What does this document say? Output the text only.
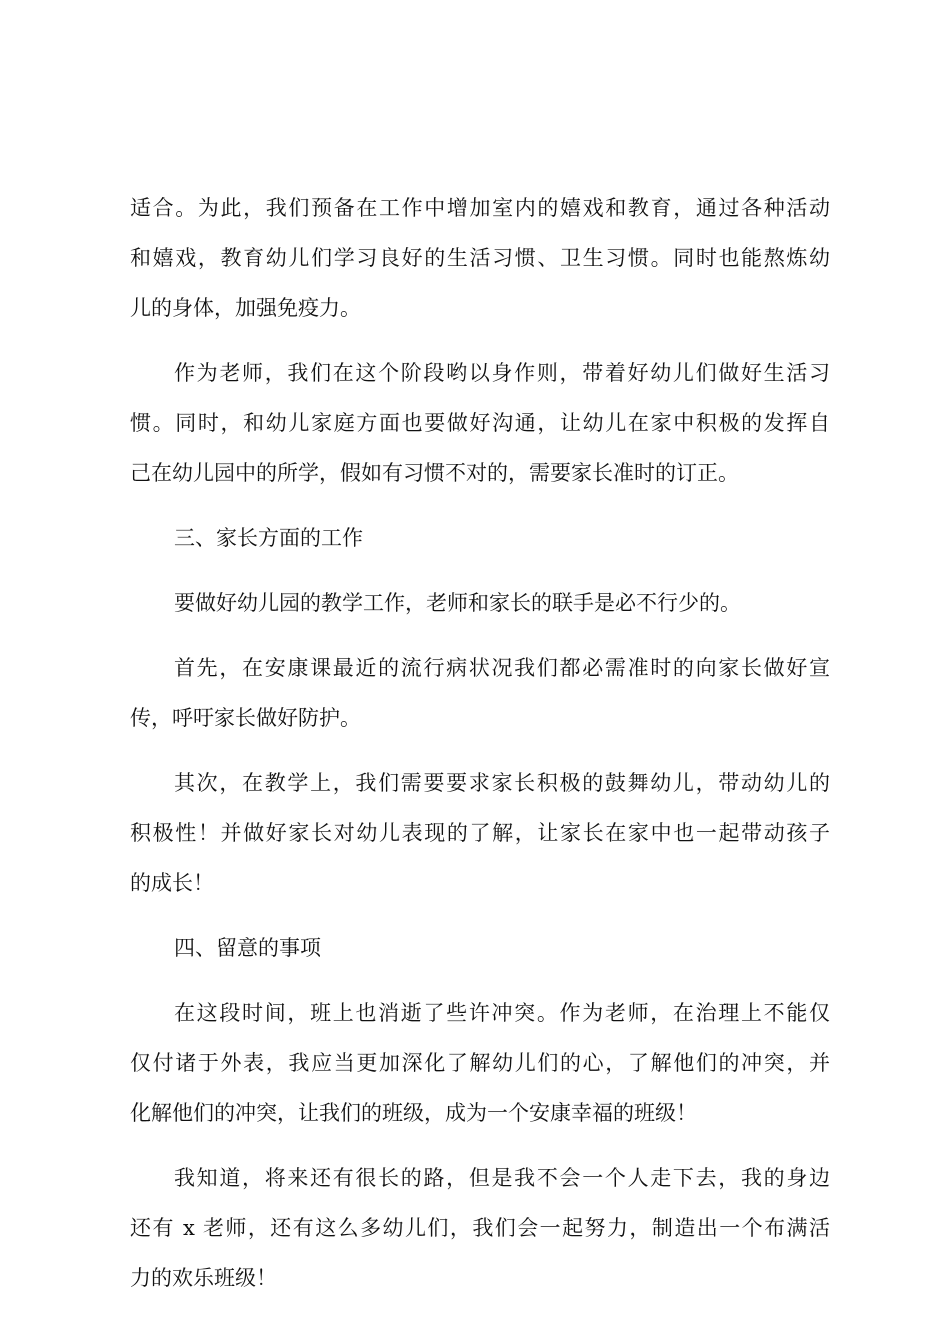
适合。为此，我们预备在工作中增加室内的嬉戏和教育，通过各种活动
和嬉戏，教育幼儿们学习良好的生活习惯、卫生习惯。同时也能熬炼幼
儿的身体，加强免疫力。
作为老师，我们在这个阶段哟以身作则，带着好幼儿们做好生活习
惯。同时，和幼儿家庭方面也要做好沟通，让幼儿在家中积极的发挥自
己在幼儿园中的所学，假如有习惯不对的，需要家长准时的订正。
三、家长方面的工作
要做好幼儿园的教学工作，老师和家长的联手是必不行少的。
首先，在安康课最近的流行病状况我们都必需准时的向家长做好宣
传，呼吁家长做好防护。
其次，在教学上，我们需要要求家长积极的鼓舞幼儿，带动幼儿的
积极性！并做好家长对幼儿表现的了解，让家长在家中也一起带动孩子
的成长！
四、留意的事项
在这段时间，班上也消逝了些许冲突。作为老师，在治理上不能仅
仅付诸于外表，我应当更加深化了解幼儿们的心，了解他们的冲突，并
化解他们的冲突，让我们的班级，成为一个安康幸福的班级！
我知道，将来还有很长的路，但是我不会一个人走下去，我的身边
还有 x 老师，还有这么多幼儿们，我们会一起努力，制造出一个布满活
力的欢乐班级！
